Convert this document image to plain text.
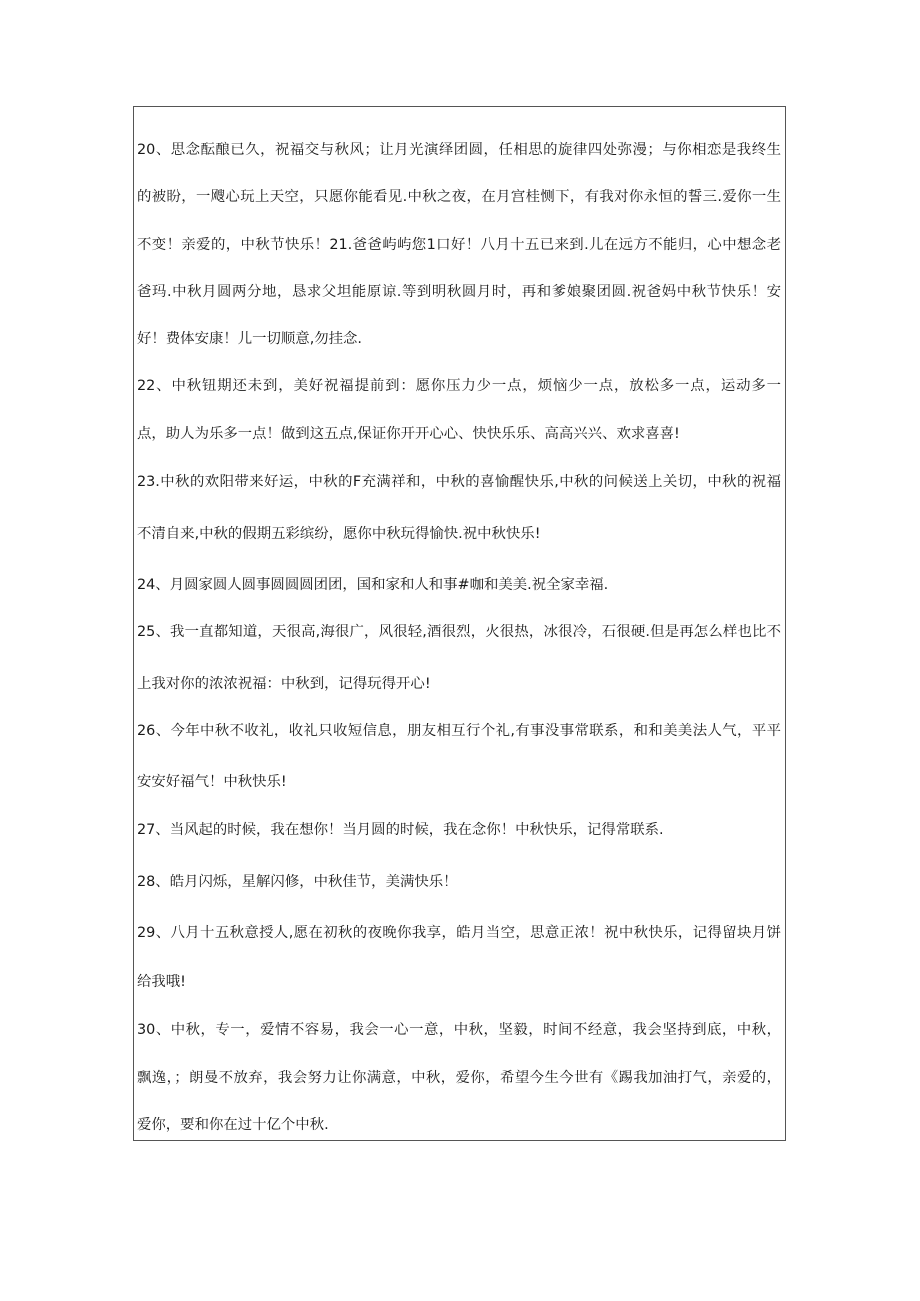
20、思念酝酿已久，祝福交与秋风；让月光演绎团圆，任相思的旋律四处弥漫；与你相恋是我终生
的被盼，一飕心玩上天空，只愿你能看见.中秋之夜，在月宫桂恻下，有我对你永恒的誓三.爱你一生
不变！亲爱的，中秋节快乐！21.爸爸屿屿您1口好！八月十五已来到.儿在远方不能归，心中想念老
爸玛.中秋月圆两分地，恳求父坦能原谅.等到明秋圆月时，再和爹娘聚团圆.祝爸妈中秋节快乐！安
好！费体安康！儿一切顺意,勿挂念.
22、中秋钮期还未到，美好祝福提前到：愿你压力少一点，烦恼少一点，放松多一点，运动多一
点，助人为乐多一点！做到这五点,保证你开开心心、快快乐乐、高高兴兴、欢求喜喜!
23.中秋的欢阳带来好运，中秋的F充满祥和，中秋的喜愉醒快乐,中秋的问候送上关切，中秋的祝福
不清自来,中秋的假期五彩缤纷，愿你中秋玩得愉快.祝中秋快乐!
24、月圆家圆人圆事圆圆圆团团，国和家和人和事#咖和美美.祝全家幸福.
25、我一直都知道，天很高,海很广，风很轻,酒很烈，火很热，冰很冷，石很硬.但是再怎么样也比不
上我对你的浓浓祝福：中秋到，记得玩得开心!
26、今年中秋不收礼，收礼只收短信息，朋友相互行个礼,有事没事常联系，和和美美法人气，平平
安安好福气！中秋快乐!
27、当风起的时候，我在想你！当月圆的时候，我在念你！中秋快乐，记得常联系.
28、皓月闪烁，星解闪修，中秋佳节，美满快乐！
29、八月十五秋意授人,愿在初秋的夜晚你我享，皓月当空，思意正浓！祝中秋快乐，记得留块月饼
给我哦!
30、中秋，专一，爱情不容易，我会一心一意，中秋，坚毅，时间不经意，我会坚持到底，中秋，
飘逸，；朗曼不放弃，我会努力让你满意，中秋，爱你，希望今生今世有《踢我加油打气，亲爱的，
爱你，要和你在过十亿个中秋.
